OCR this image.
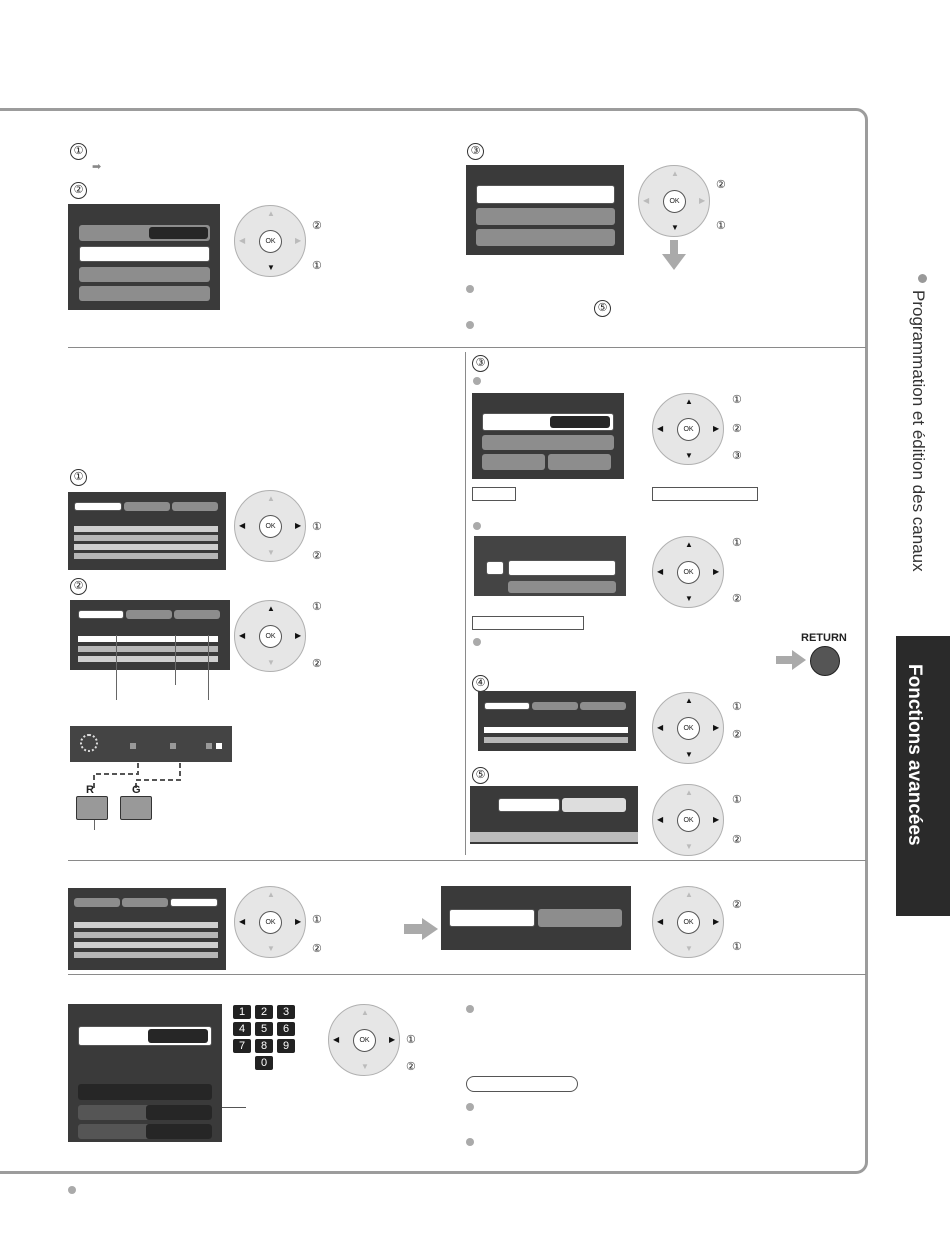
①
➡
②
OK
▲
▼
◀	▶
②
①
③
OK
▲
▼
◀	▶
②
①
⑤
①
OK
▲
▼
◀	▶ ①
②
②
OK
▲
▼
◀	▶
①
②
R	G
③
OK
▲
▼
◀	▶
①
②
③
OK
▲
▼
◀	▶
①
②
RETURN
④
OK
▲
▼
◀	▶
①
②
⑤
OK
▲
▼
◀	▶
①
②
OK
▲
▼
◀	▶ ①
②
OK
▲
▼
◀	▶
②
①
1	2	3
4	5	6
7	8	9
0
OK
▲
▼
◀	▶ ①
②
Programmation et édition des canaux
Fonctions avancées
